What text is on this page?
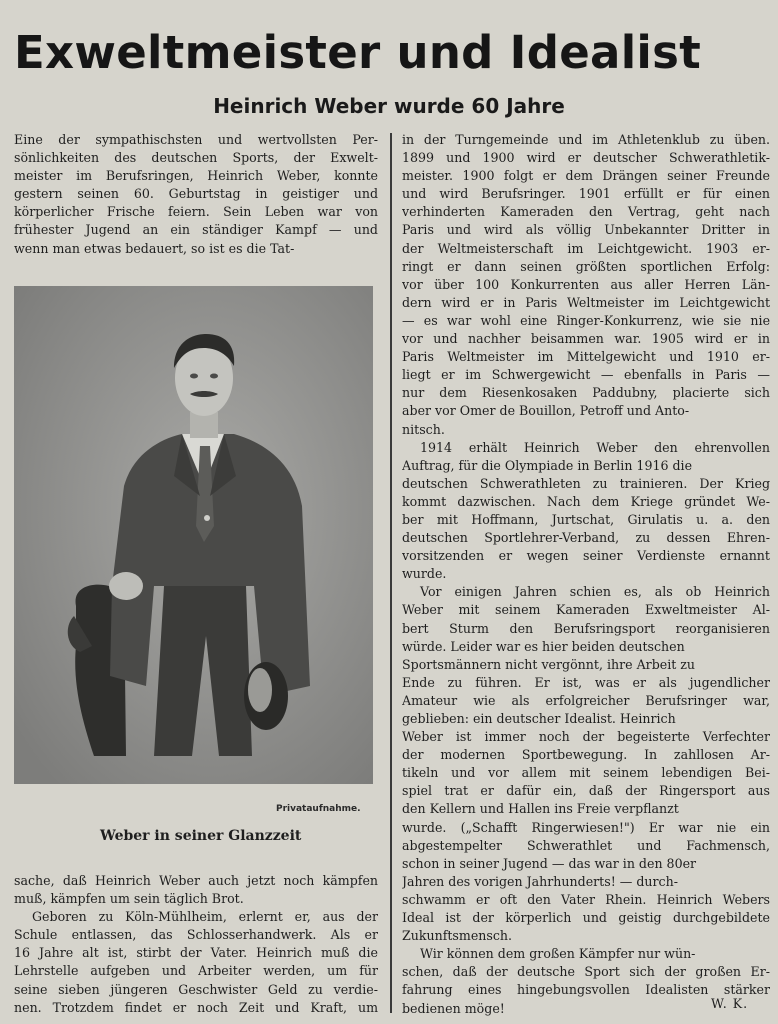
Exweltmeister und Idealist
Heinrich Weber wurde 60 Jahre
Eine der sympathischsten und wertvollsten Per-
sönlichkeiten des deutschen Sports, der Exwelt-
meister im Berufsringen, Heinrich Weber, konnte
gestern seinen 60. Geburtstag in geistiger und
körperlicher Frische feiern. Sein Leben war von
frühester Jugend an ein ständiger Kampf — und
wenn man etwas bedauert, so ist es die Tat-
Privataufnahme.
Weber in seiner Glanzzeit
sache, daß Heinrich Weber auch jetzt noch kämpfen
muß, kämpfen um sein täglich Brot.
Geboren zu Köln-Mühlheim, erlernt er, aus der
Schule entlassen, das Schlosserhandwerk. Als er
16 Jahre alt ist, stirbt der Vater. Heinrich muß die
Lehrstelle aufgeben und Arbeiter werden, um für
seine sieben jüngeren Geschwister Geld zu verdie-
nen. Trotzdem findet er noch Zeit und Kraft, um
in der Turngemeinde und im Athletenklub zu üben.
1899 und 1900 wird er deutscher Schwerathletik-
meister. 1900 folgt er dem Drängen seiner Freunde
und wird Berufsringer. 1901 erfüllt er für einen
verhinderten Kameraden den Vertrag, geht nach
Paris und wird als völlig Unbekannter Dritter in
der Weltmeisterschaft im Leichtgewicht. 1903 er-
ringt er dann seinen größten sportlichen Erfolg:
vor über 100 Konkurrenten aus aller Herren Län-
dern wird er in Paris Weltmeister im Leichtgewicht
— es war wohl eine Ringer-Konkurrenz, wie sie nie
vor und nachher beisammen war. 1905 wird er in
Paris Weltmeister im Mittelgewicht und 1910 er-
liegt er im Schwergewicht — ebenfalls in Paris —
nur dem Riesenkosaken Paddubny, placierte sich
aber vor Omer de Bouillon, Petroff und Anto-
nitsch.
1914 erhält Heinrich Weber den ehrenvollen
Auftrag, für die Olympiade in Berlin 1916 die
deutschen Schwerathleten zu trainieren. Der Krieg
kommt dazwischen. Nach dem Kriege gründet We-
ber mit Hoffmann, Jurtschat, Girulatis u. a. den
deutschen Sportlehrer-Verband, zu dessen Ehren-
vorsitzenden er wegen seiner Verdienste ernannt
wurde.
Vor einigen Jahren schien es, als ob Heinrich
Weber mit seinem Kameraden Exweltmeister Al-
bert Sturm den Berufsringsport reorganisieren
würde. Leider war es hier beiden deutschen
Sportsmännern nicht vergönnt, ihre Arbeit zu
Ende zu führen. Er ist, was er als jugendlicher
Amateur wie als erfolgreicher Berufsringer war,
geblieben: ein deutscher Idealist. Heinrich
Weber ist immer noch der begeisterte Verfechter
der modernen Sportbewegung. In zahllosen Ar-
tikeln und vor allem mit seinem lebendigen Bei-
spiel trat er dafür ein, daß der Ringersport aus
den Kellern und Hallen ins Freie verpflanzt
wurde. („Schafft Ringerwiesen!") Er war nie ein
abgestempelter Schwerathlet und Fachmensch,
schon in seiner Jugend — das war in den 80er
Jahren des vorigen Jahrhunderts! — durch-
schwamm er oft den Vater Rhein. Heinrich Webers
Ideal ist der körperlich und geistig durchgebildete
Zukunftsmensch.
Wir können dem großen Kämpfer nur wün-
schen, daß der deutsche Sport sich der großen Er-
fahrung eines hingebungsvollen Idealisten stärker
bedienen möge!	W. K.
